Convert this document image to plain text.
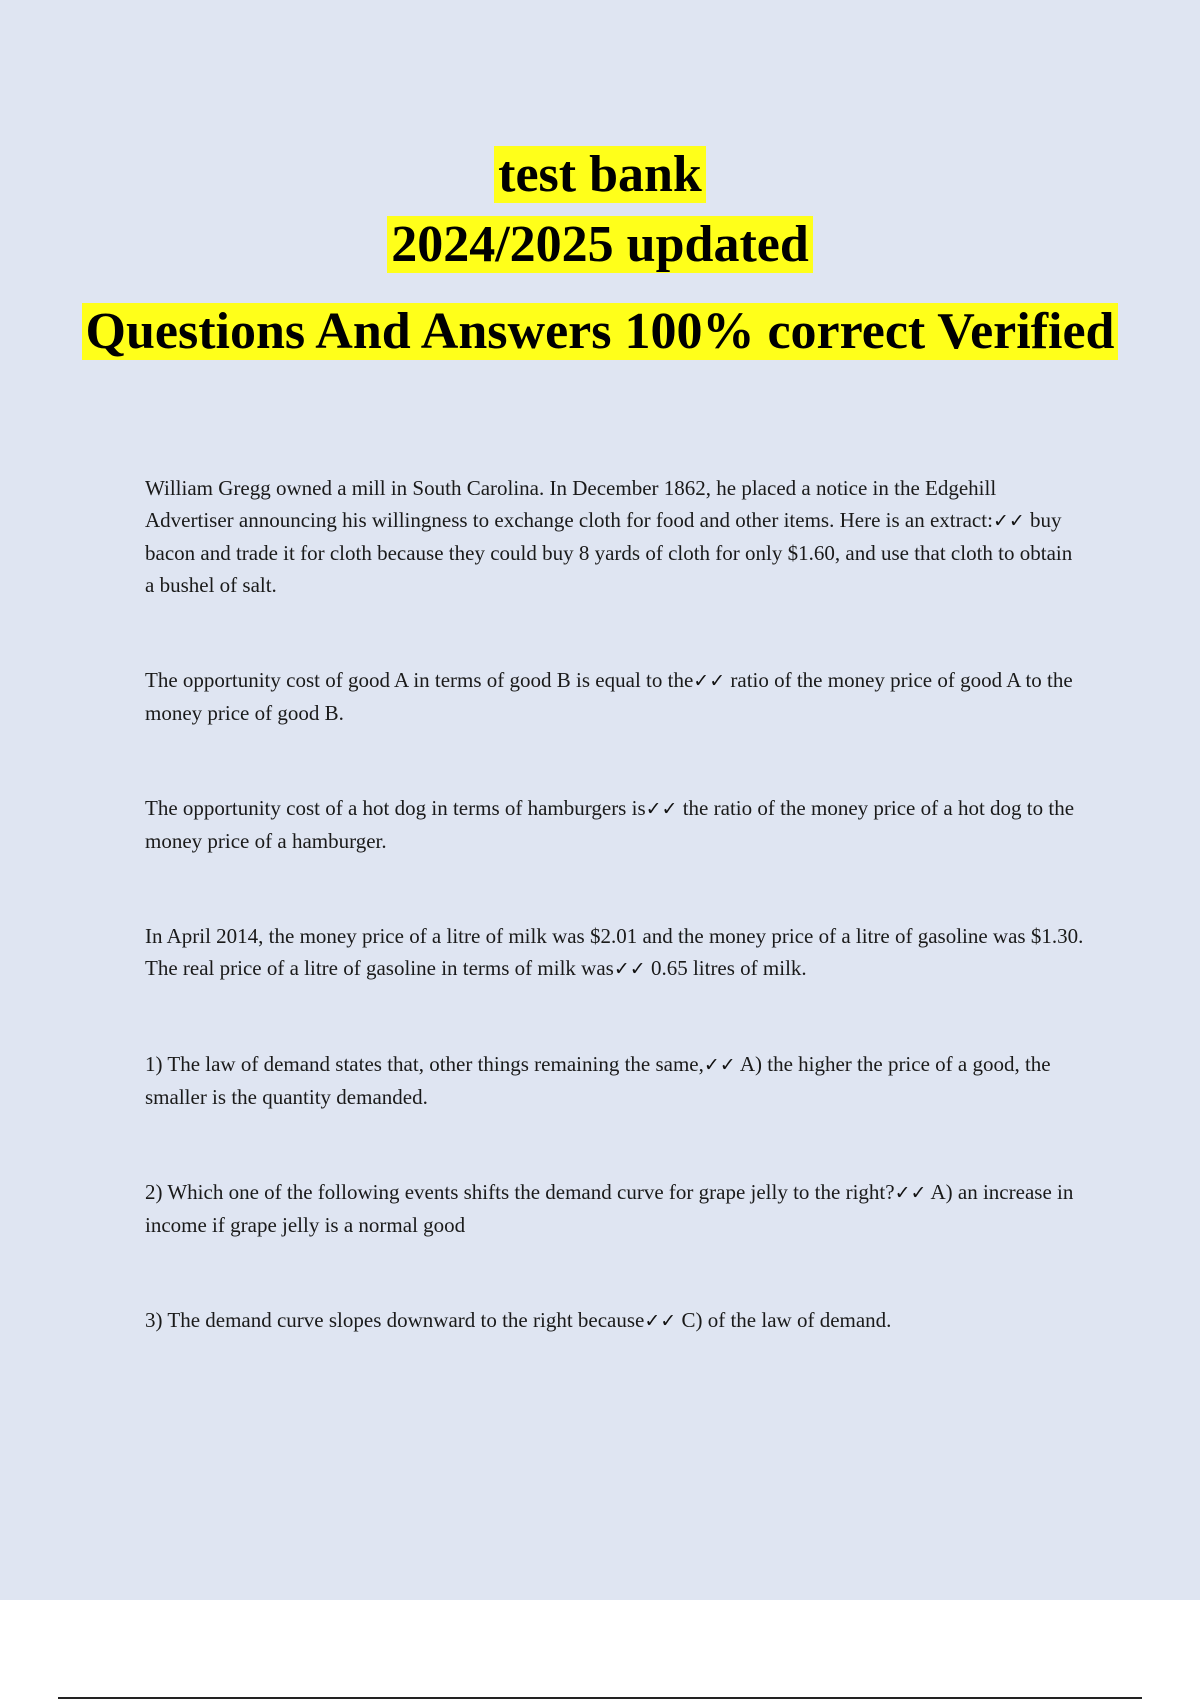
test bank
2024/2025 updated
Questions And Answers 100% correct Verified

William Gregg owned a mill in South Carolina. In December 1862, he placed a notice in the Edgehill Advertiser announcing his willingness to exchange cloth for food and other items. Here is an extract:✓✓ buy bacon and trade it for cloth because they could buy 8 yards of cloth for only $1.60, and use that cloth to obtain a bushel of salt.

The opportunity cost of good A in terms of good B is equal to the✓✓ ratio of the money price of good A to the money price of good B.

The opportunity cost of a hot dog in terms of hamburgers is✓✓ the ratio of the money price of a hot dog to the money price of a hamburger.

In April 2014, the money price of a litre of milk was $2.01 and the money price of a litre of gasoline was $1.30. The real price of a litre of gasoline in terms of milk was✓✓ 0.65 litres of milk.

1) The law of demand states that, other things remaining the same,✓✓ A) the higher the price of a good, the smaller is the quantity demanded.

2) Which one of the following events shifts the demand curve for grape jelly to the right?✓✓ A) an increase in income if grape jelly is a normal good

3) The demand curve slopes downward to the right because✓✓ C) of the law of demand.
